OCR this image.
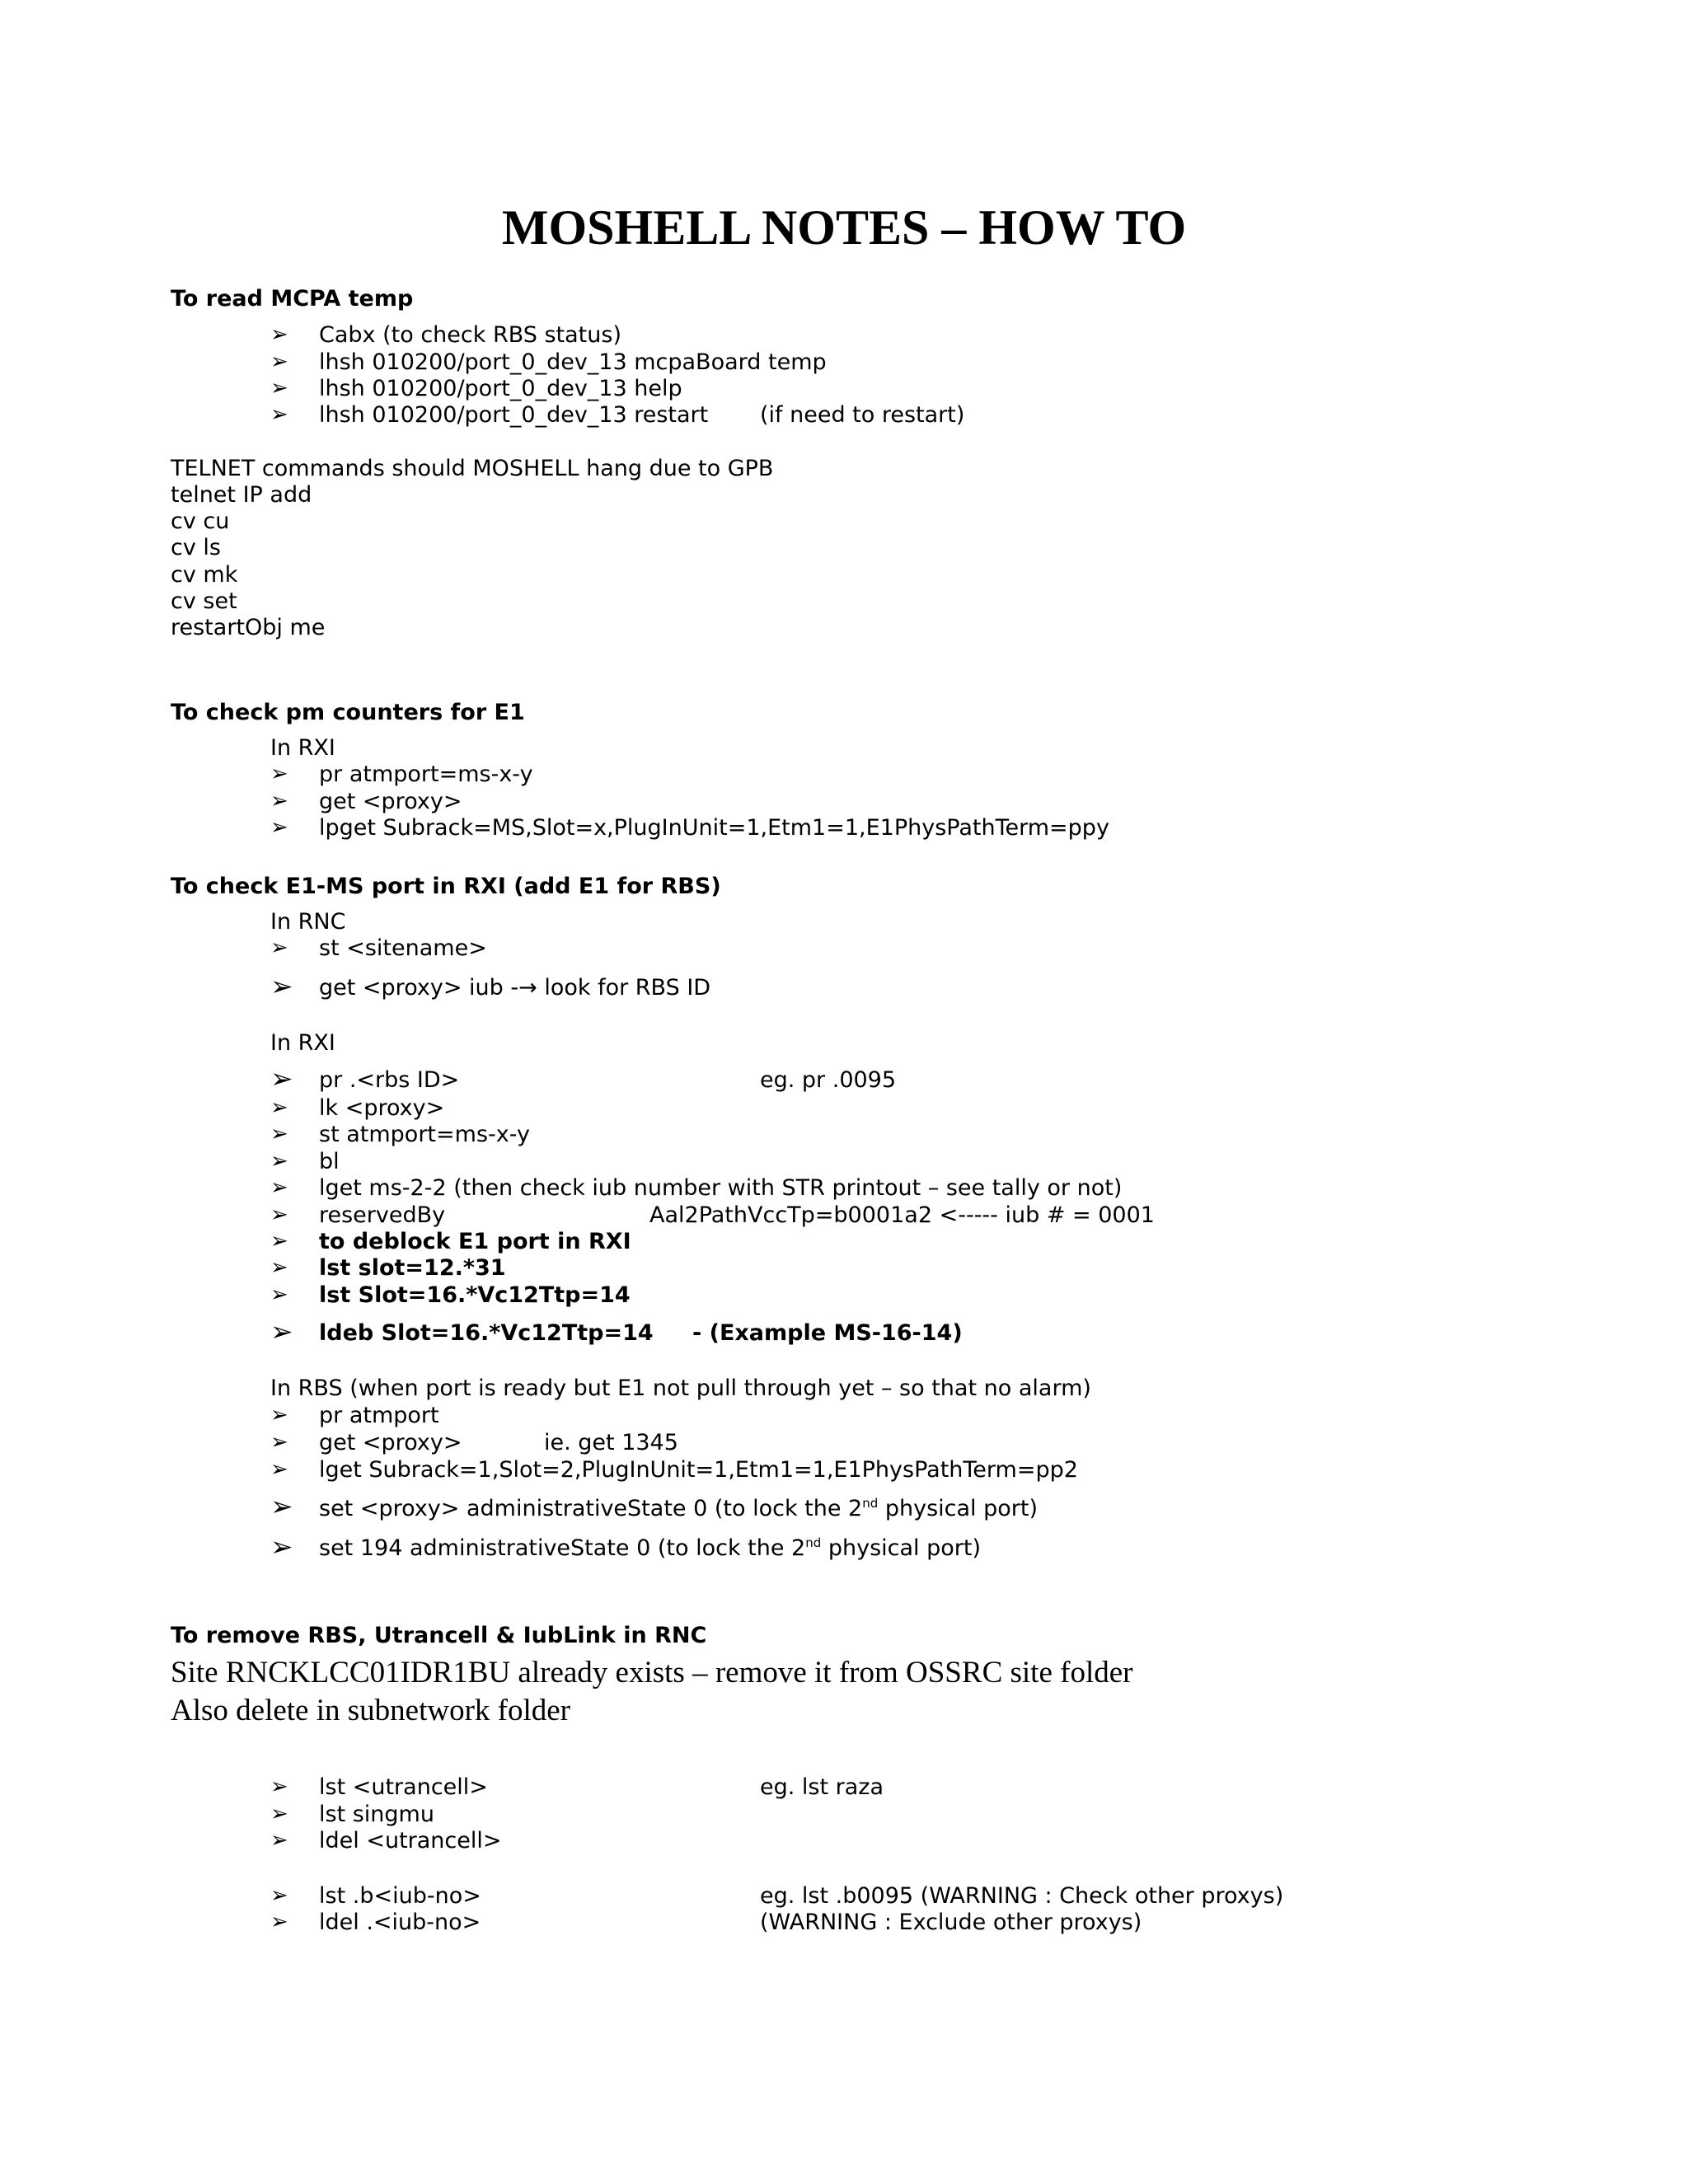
MOSHELL NOTES – HOW TO
To read MCPA temp
➢ Cabx (to check RBS status)
➢ lhsh 010200/port_0_dev_13 mcpaBoard temp
➢ lhsh 010200/port_0_dev_13 help
➢ lhsh 010200/port_0_dev_13 restart (if need to restart)
TELNET commands should MOSHELL hang due to GPB
telnet IP add
cv cu
cv ls
cv mk
cv set
restartObj me
To check pm counters for E1
In RXI
➢ pr atmport=ms-x-y
➢ get <proxy>
➢ lpget Subrack=MS,Slot=x,PlugInUnit=1,Etm1=1,E1PhysPathTerm=ppy
To check E1-MS port in RXI (add E1 for RBS)
In RNC
➢ st <sitename>
➢ get <proxy> iub -→ look for RBS ID
In RXI
➢ pr .<rbs ID>	eg. pr .0095
➢ lk <proxy>
➢ st atmport=ms-x-y
➢ bl
➢ lget ms-2-2 (then check iub number with STR printout – see tally or not)
➢ reservedBy	Aal2PathVccTp=b0001a2 <----- iub # = 0001
➢ to deblock E1 port in RXI
➢ lst slot=12.*31
➢ lst Slot=16.*Vc12Ttp=14
➢ ldeb Slot=16.*Vc12Ttp=14 - (Example MS-16-14)
In RBS (when port is ready but E1 not pull through yet – so that no alarm)
➢ pr atmport
➢ get <proxy>	ie. get 1345
➢ lget Subrack=1,Slot=2,PlugInUnit=1,Etm1=1,E1PhysPathTerm=pp2
➢ set <proxy> administrativeState 0 (to lock the 2nd physical port)
➢ set 194 administrativeState 0 (to lock the 2nd physical port)
To remove RBS, Utrancell & IubLink in RNC
Site RNCKLCC01IDR1BU already exists – remove it from OSSRC site folder
Also delete in subnetwork folder
➢ lst <utrancell>	eg. lst raza
➢ lst singmu
➢ ldel <utrancell>
➢ lst .b<iub-no>	eg. lst .b0095 (WARNING : Check other proxys)
➢ ldel .<iub-no>	(WARNING : Exclude other proxys)
